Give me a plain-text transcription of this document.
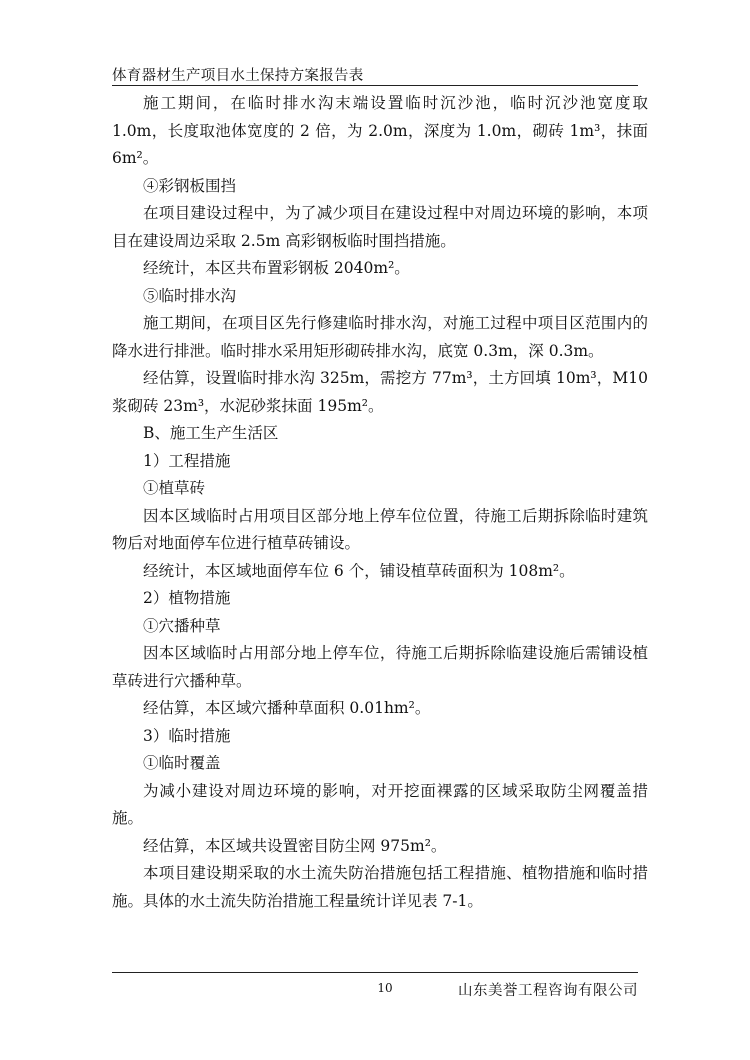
体育器材生产项目水土保持方案报告表

施工期间，在临时排水沟末端设置临时沉沙池，临时沉沙池宽度取 1.0m，长度取池体宽度的 2 倍，为 2.0m，深度为 1.0m，砌砖 1m³，抹面 6m²。

④彩钢板围挡

在项目建设过程中，为了减少项目在建设过程中对周边环境的影响，本项目在建设周边采取 2.5m 高彩钢板临时围挡措施。

经统计，本区共布置彩钢板 2040m²。

⑤临时排水沟

施工期间，在项目区先行修建临时排水沟，对施工过程中项目区范围内的降水进行排泄。临时排水采用矩形砌砖排水沟，底宽 0.3m，深 0.3m。

经估算，设置临时排水沟 325m，需挖方 77m³，土方回填 10m³，M10 浆砌砖 23m³，水泥砂浆抹面 195m²。

B、施工生产生活区

1）工程措施

①植草砖

因本区域临时占用项目区部分地上停车位位置，待施工后期拆除临时建筑物后对地面停车位进行植草砖铺设。

经统计，本区域地面停车位 6 个，铺设植草砖面积为 108m²。

2）植物措施

①穴播种草

因本区域临时占用部分地上停车位，待施工后期拆除临建设施后需铺设植草砖进行穴播种草。

经估算，本区域穴播种草面积 0.01hm²。

3）临时措施

①临时覆盖

为减小建设对周边环境的影响，对开挖面裸露的区域采取防尘网覆盖措施。

经估算，本区域共设置密目防尘网 975m²。

本项目建设期采取的水土流失防治措施包括工程措施、植物措施和临时措施。具体的水土流失防治措施工程量统计详见表 7-1。

10	山东美誉工程咨询有限公司
